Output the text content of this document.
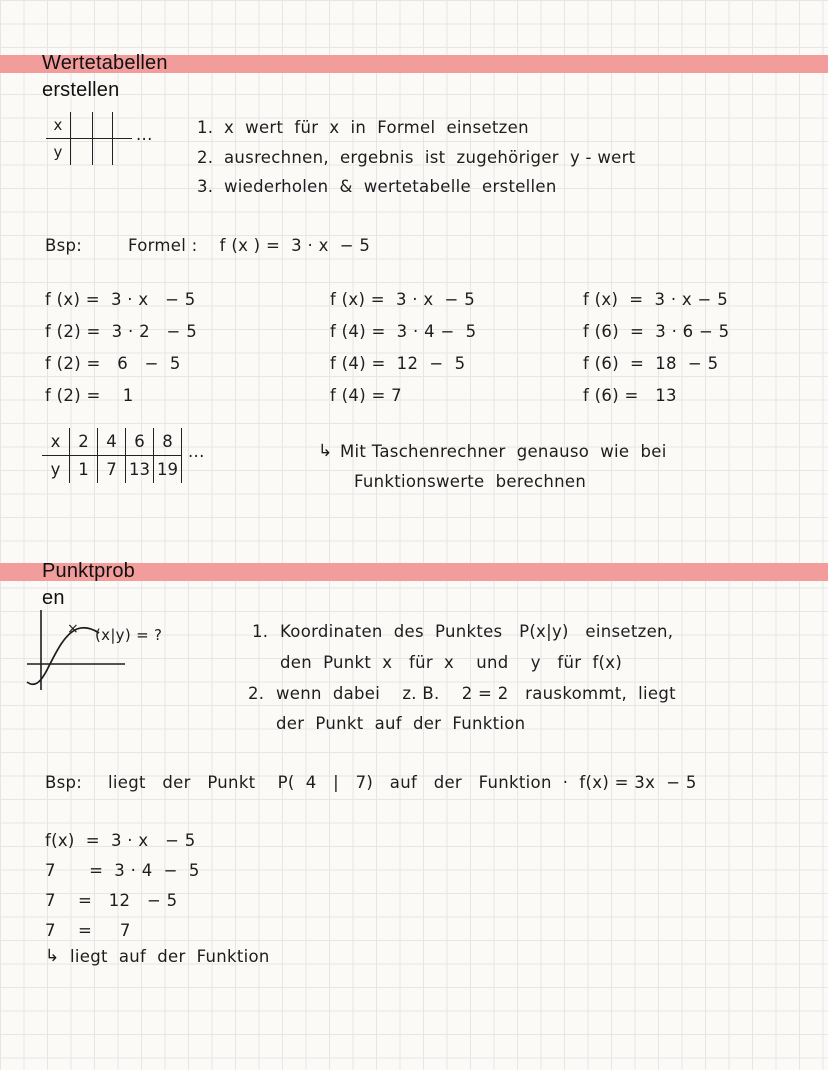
Wertetabellen
erstellen
x
y
...	1. x  wert  für  x  in  Formel  einsetzen
2. ausrechnen,  ergebnis  ist  zugehöriger  y - wert
3. wiederholen  &  wertetabelle  erstellen
Bsp:	Formel :    f (x ) =  3 · x  − 5
f (x) =  3 · x   − 5
f (2) =  3 · 2   − 5
f (2) =   6   −  5
f (2) =    1
f (x) =  3 · x  − 5
f (4) =  3 · 4 −  5
f (4) =  12  −  5
f (4) = 7
f (x)  =  3 · x − 5
f (6)  =  3 · 6 − 5
f (6)  =  18  − 5
f (6) =   13
x	2	4	6	8
y	1	7 13 19
...	↳ Mit Taschenrechner  genauso  wie  bei
Funktionswerte  berechnen
Punktprob
en
× (x|y) = ?	1. Koordinaten  des  Punktes   P(x|y)   einsetzen,
den  Punkt  x   für  x    und    y   für  f(x)
2. wenn  dabei    z. B.    2 = 2   rauskommt,  liegt
der  Punkt  auf  der  Funktion
Bsp: liegt   der   Punkt    P(  4   |   7)   auf   der   Funktion  ·  f(x) = 3x  − 5
f(x)  =  3 · x   − 5
7      =  3 · 4  −  5
7    =   12   − 5
7    =     7
↳ liegt  auf  der  Funktion
